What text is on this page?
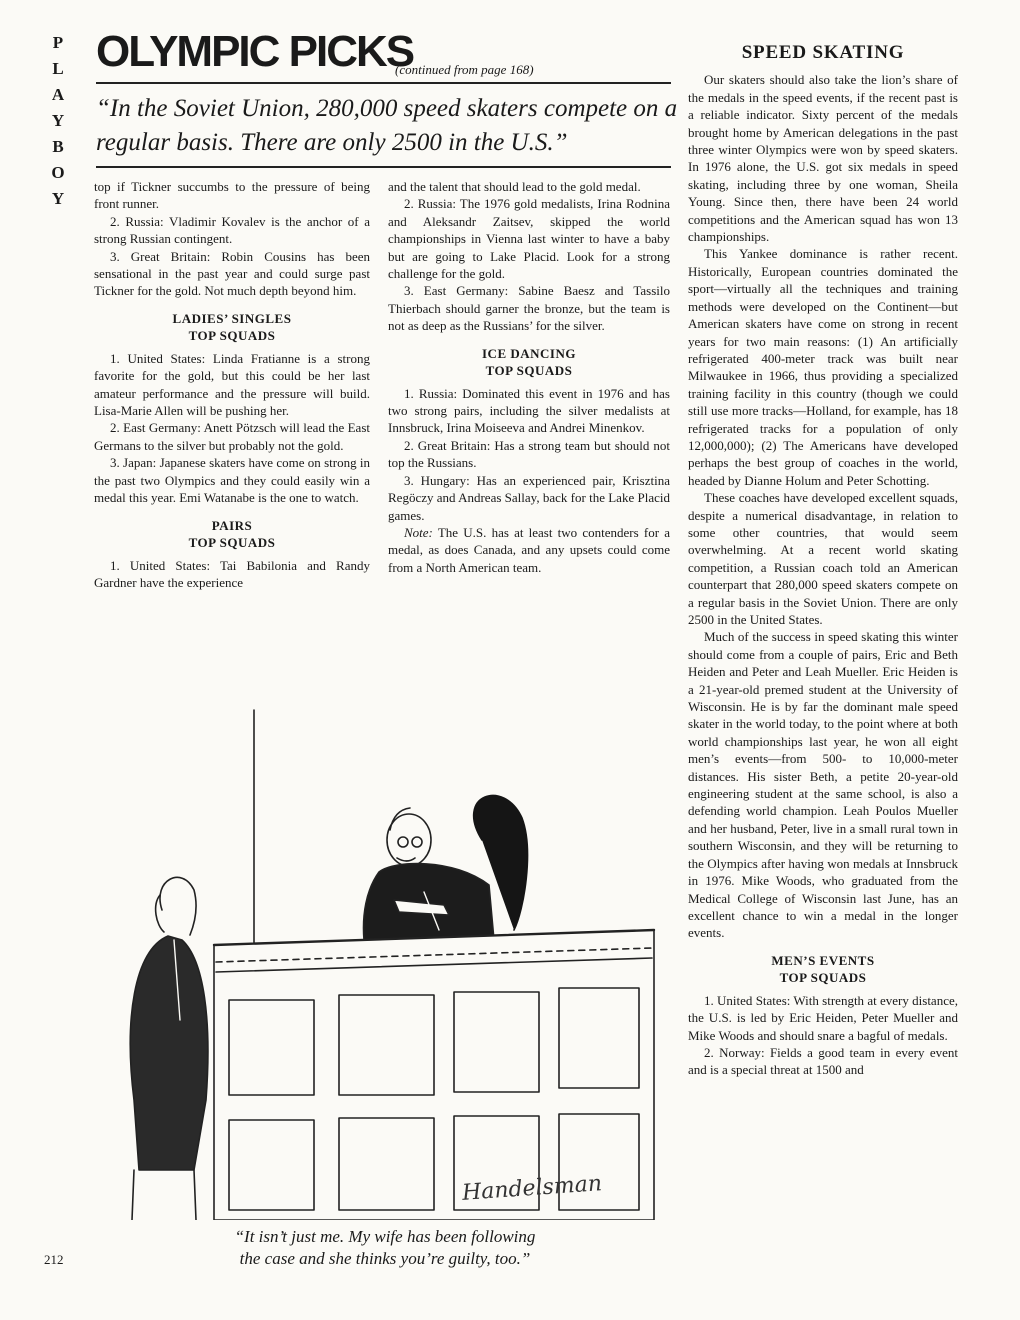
P
L
A
Y
B
O
Y
OLYMPIC PICKS
(continued from page 168)
“In the Soviet Union, 280,000 speed skaters compete on a regular basis. There are only 2500 in the U.S.”

top if Tickner succumbs to the pressure of being front runner.

2. Russia: Vladimir Kovalev is the anchor of a strong Russian contingent.

3. Great Britain: Robin Cousins has been sensational in the past year and could surge past Tickner for the gold. Not much depth beyond him.

LADIES’ SINGLES
TOP SQUADS

1. United States: Linda Fratianne is a strong favorite for the gold, but this could be her last amateur performance and the pressure will build. Lisa-Marie Allen will be pushing her.

2. East Germany: Anett Pötzsch will lead the East Germans to the silver but probably not the gold.

3. Japan: Japanese skaters have come on strong in the past two Olympics and they could easily win a medal this year. Emi Watanabe is the one to watch.

PAIRS
TOP SQUADS

1. United States: Tai Babilonia and Randy Gardner have the experience

and the talent that should lead to the gold medal.

2. Russia: The 1976 gold medalists, Irina Rodnina and Aleksandr Zaitsev, skipped the world championships in Vienna last winter to have a baby but are going to Lake Placid. Look for a strong challenge for the gold.

3. East Germany: Sabine Baesz and Tassilo Thierbach should garner the bronze, but the team is not as deep as the Russians’ for the silver.

ICE DANCING
TOP SQUADS

1. Russia: Dominated this event in 1976 and has two strong pairs, including the silver medalists at Innsbruck, Irina Moiseeva and Andrei Minenkov.

2. Great Britain: Has a strong team but should not top the Russians.

3. Hungary: Has an experienced pair, Krisztina Regöczy and Andreas Sallay, back for the Lake Placid games.

Note: The U.S. has at least two contenders for a medal, as does Canada, and any upsets could come from a North American team.

SPEED SKATING

Our skaters should also take the lion’s share of the medals in the speed events, if the recent past is a reliable indicator. Sixty percent of the medals brought home by American delegations in the past three winter Olympics were won by speed skaters. In 1976 alone, the U.S. got six medals in speed skating, including three by one woman, Sheila Young. Since then, there have been 24 world competitions and the American squad has won 13 championships.

This Yankee dominance is rather recent. Historically, European countries dominated the sport—virtually all the techniques and training methods were developed on the Continent—but American skaters have come on strong in recent years for two main reasons: (1) An artificially refrigerated 400-meter track was built near Milwaukee in 1966, thus providing a specialized training facility in this country (though we could still use more tracks—Holland, for example, has 18 refrigerated tracks for a population of only 12,000,000); (2) The Americans have developed perhaps the best group of coaches in the world, headed by Dianne Holum and Peter Schotting.

These coaches have developed excellent squads, despite a numerical disadvantage, in relation to some other countries, that would seem overwhelming. At a recent world skating competition, a Russian coach told an American counterpart that 280,000 speed skaters compete on a regular basis in the Soviet Union. There are only 2500 in the United States.

Much of the success in speed skating this winter should come from a couple of pairs, Eric and Beth Heiden and Peter and Leah Mueller. Eric Heiden is a 21-year-old premed student at the University of Wisconsin. He is by far the dominant male speed skater in the world today, to the point where at both world championships last year, he won all eight men’s events—from 500- to 10,000-meter distances. His sister Beth, a petite 20-year-old engineering student at the same school, is also a defending world champion. Leah Poulos Mueller and her husband, Peter, live in a small rural town in southern Wisconsin, and they will be returning to the Olympics after having won medals at Innsbruck in 1976. Mike Woods, who graduated from the Medical College of Wisconsin last June, has an excellent chance to win a medal in the longer events.

MEN’S EVENTS
TOP SQUADS

1. United States: With strength at every distance, the U.S. is led by Eric Heiden, Peter Mueller and Mike Woods and should snare a bagful of medals.

2. Norway: Fields a good team in every event and is a special threat at 1500 and

Handelsman
“It isn’t just me. My wife has been following
the case and she thinks you’re guilty, too.”
212
